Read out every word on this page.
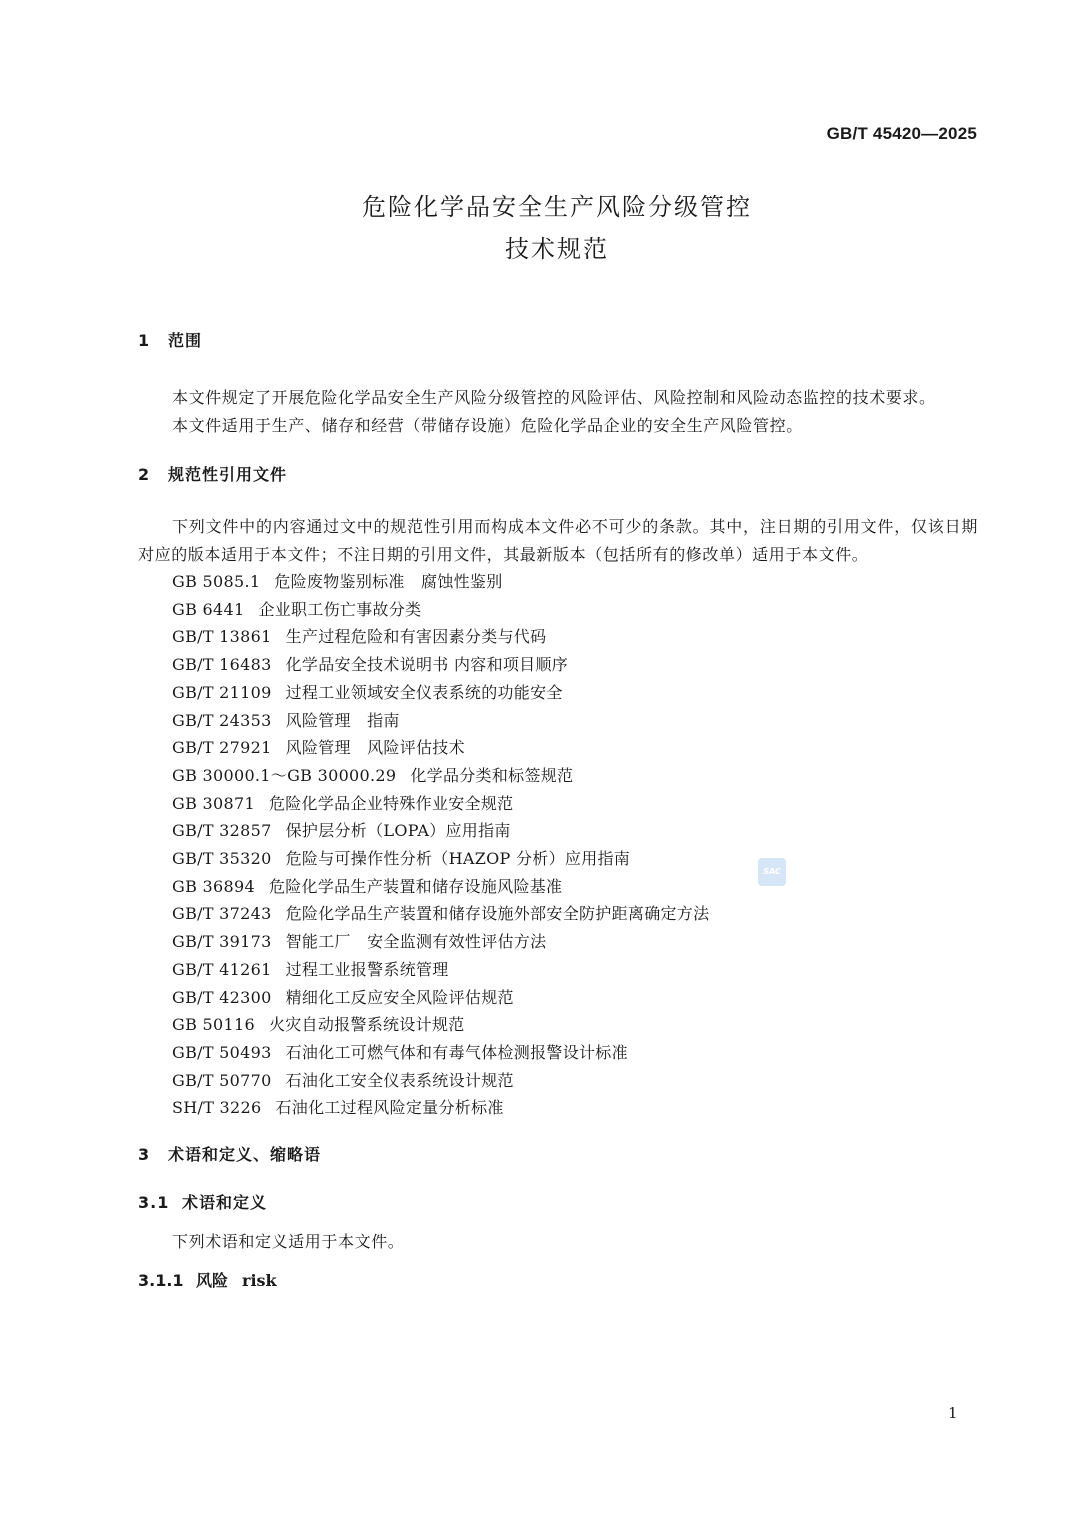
GB/T 45420—2025
危险化学品安全生产风险分级管控
技术规范
1 范围

本文件规定了开展危险化学品安全生产风险分级管控的风险评估、风险控制和风险动态监控的技术要求。

本文件适用于生产、储存和经营（带储存设施）危险化学品企业的安全生产风险管控。

2 规范性引用文件

下列文件中的内容通过文中的规范性引用而构成本文件必不可少的条款。其中，注日期的引用文件，仅该日期对应的版本适用于本文件；不注日期的引用文件，其最新版本（包括所有的修改单）适用于本文件。

GB 5085.1 危险废物鉴别标准　腐蚀性鉴别
GB 6441 企业职工伤亡事故分类
GB/T 13861 生产过程危险和有害因素分类与代码
GB/T 16483 化学品安全技术说明书 内容和项目顺序
GB/T 21109 过程工业领域安全仪表系统的功能安全
GB/T 24353 风险管理　指南
GB/T 27921 风险管理　风险评估技术
GB 30000.1～GB 30000.29 化学品分类和标签规范
GB 30871 危险化学品企业特殊作业安全规范
GB/T 32857 保护层分析（LOPA）应用指南
GB/T 35320 危险与可操作性分析（HAZOP 分析）应用指南
GB 36894 危险化学品生产装置和储存设施风险基准
GB/T 37243 危险化学品生产装置和储存设施外部安全防护距离确定方法
GB/T 39173 智能工厂　安全监测有效性评估方法
GB/T 41261 过程工业报警系统管理
GB/T 42300 精细化工反应安全风险评估规范
GB 50116 火灾自动报警系统设计规范
GB/T 50493 石油化工可燃气体和有毒气体检测报警设计标准
GB/T 50770 石油化工安全仪表系统设计规范
SH/T 3226 石油化工过程风险定量分析标准
3 术语和定义、缩略语
3.1 术语和定义

下列术语和定义适用于本文件。

3.1.1 风险 risk
SAC
1
